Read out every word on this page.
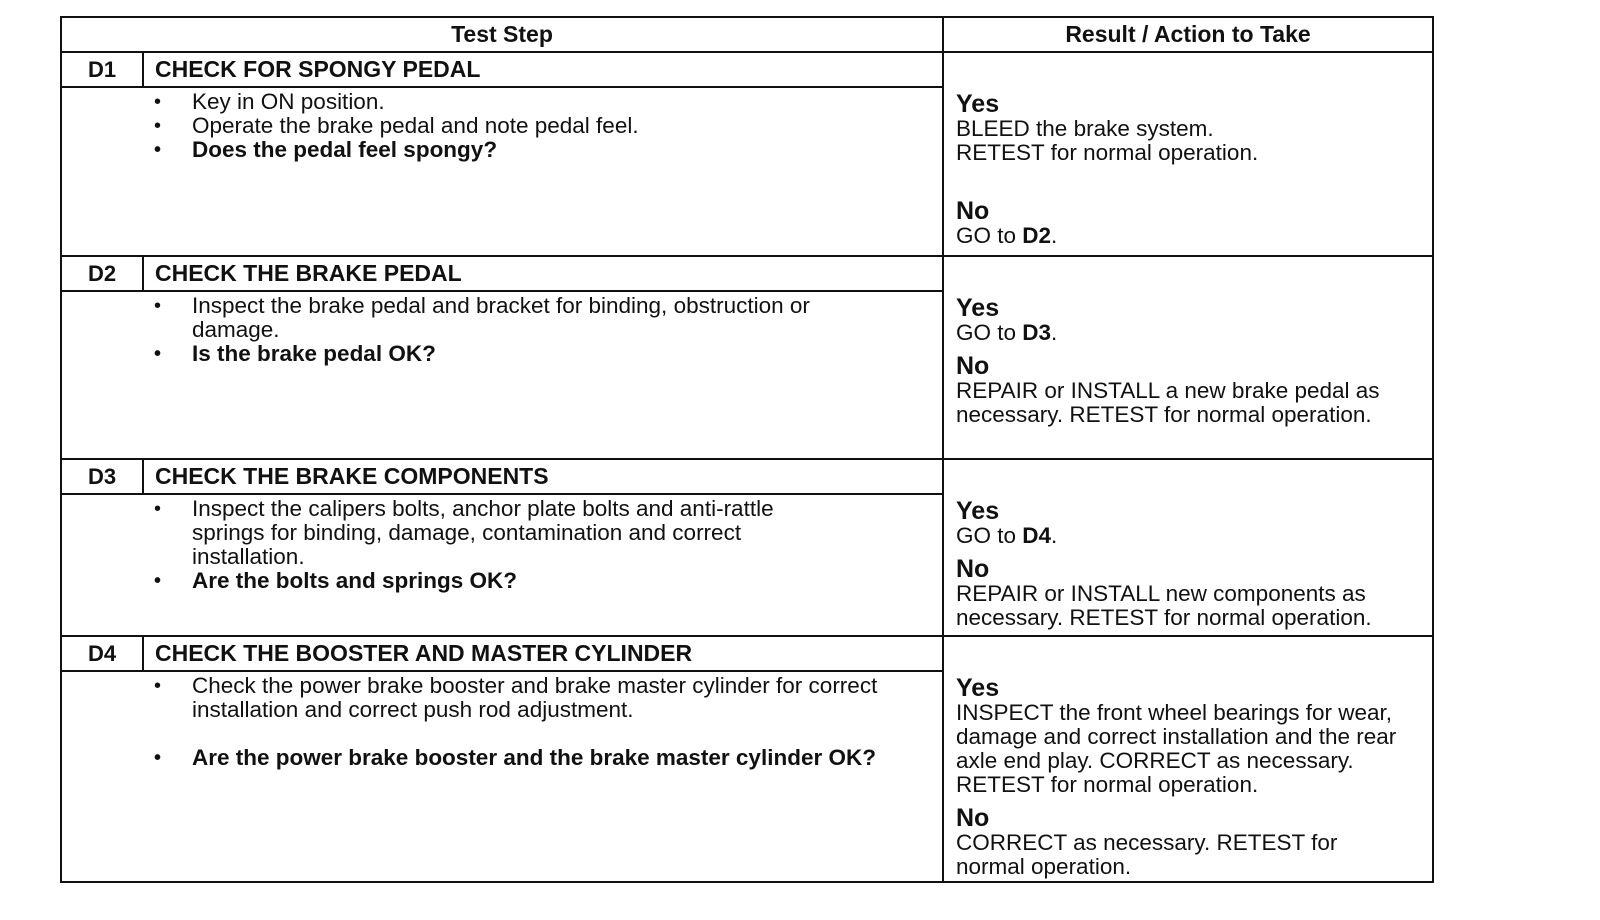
Test Step	Result / Action to Take
D1	CHECK FOR SPONGY PEDAL
• Key in ON position.
• Operate the brake pedal and note pedal feel.
• Does the pedal feel spongy?
Yes
BLEED the brake system.
RETEST for normal operation.
No
GO to D2.
D2	CHECK THE BRAKE PEDAL
• Inspect the brake pedal and bracket for binding, obstruction or damage.
• Is the brake pedal OK?
Yes
GO to D3.
No
REPAIR or INSTALL a new brake pedal as necessary. RETEST for normal operation.
D3	CHECK THE BRAKE COMPONENTS
• Inspect the calipers bolts, anchor plate bolts and anti-rattle springs for binding, damage, contamination and correct installation.
• Are the bolts and springs OK?
Yes
GO to D4.
No
REPAIR or INSTALL new components as necessary. RETEST for normal operation.
D4	CHECK THE BOOSTER AND MASTER CYLINDER
• Check the power brake booster and brake master cylinder for correct installation and correct push rod adjustment.
• Are the power brake booster and the brake master cylinder OK?
Yes
INSPECT the front wheel bearings for wear, damage and correct installation and the rear axle end play. CORRECT as necessary. RETEST for normal operation.
No
CORRECT as necessary. RETEST for normal operation.
